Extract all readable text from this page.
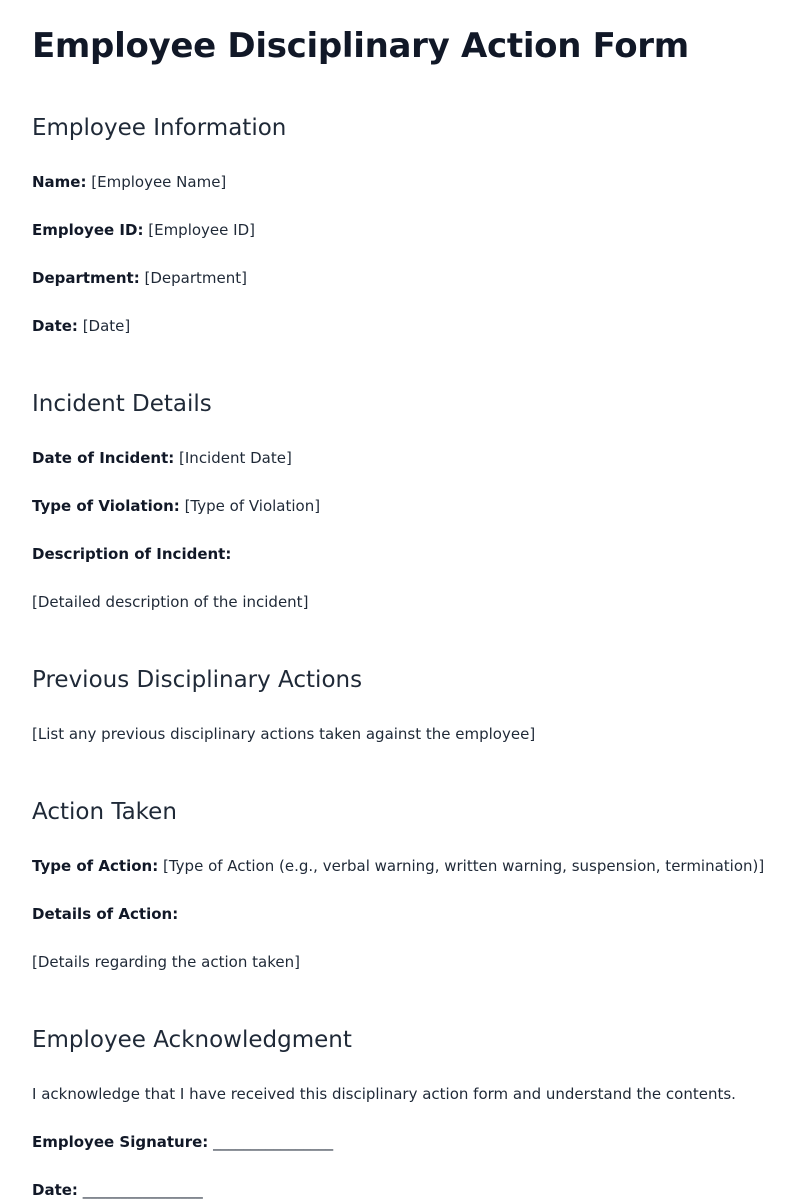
Employee Disciplinary Action Form
Employee Information

Name: [Employee Name]

Employee ID: [Employee ID]

Department: [Department]

Date: [Date]

Incident Details

Date of Incident: [Incident Date]

Type of Violation: [Type of Violation]

Description of Incident:

[Detailed description of the incident]

Previous Disciplinary Actions

[List any previous disciplinary actions taken against the employee]

Action Taken

Type of Action: [Type of Action (e.g., verbal warning, written warning, suspension, termination)]

Details of Action:

[Details regarding the action taken]

Employee Acknowledgment

I acknowledge that I have received this disciplinary action form and understand the contents.

Employee Signature: ________________

Date: ________________
